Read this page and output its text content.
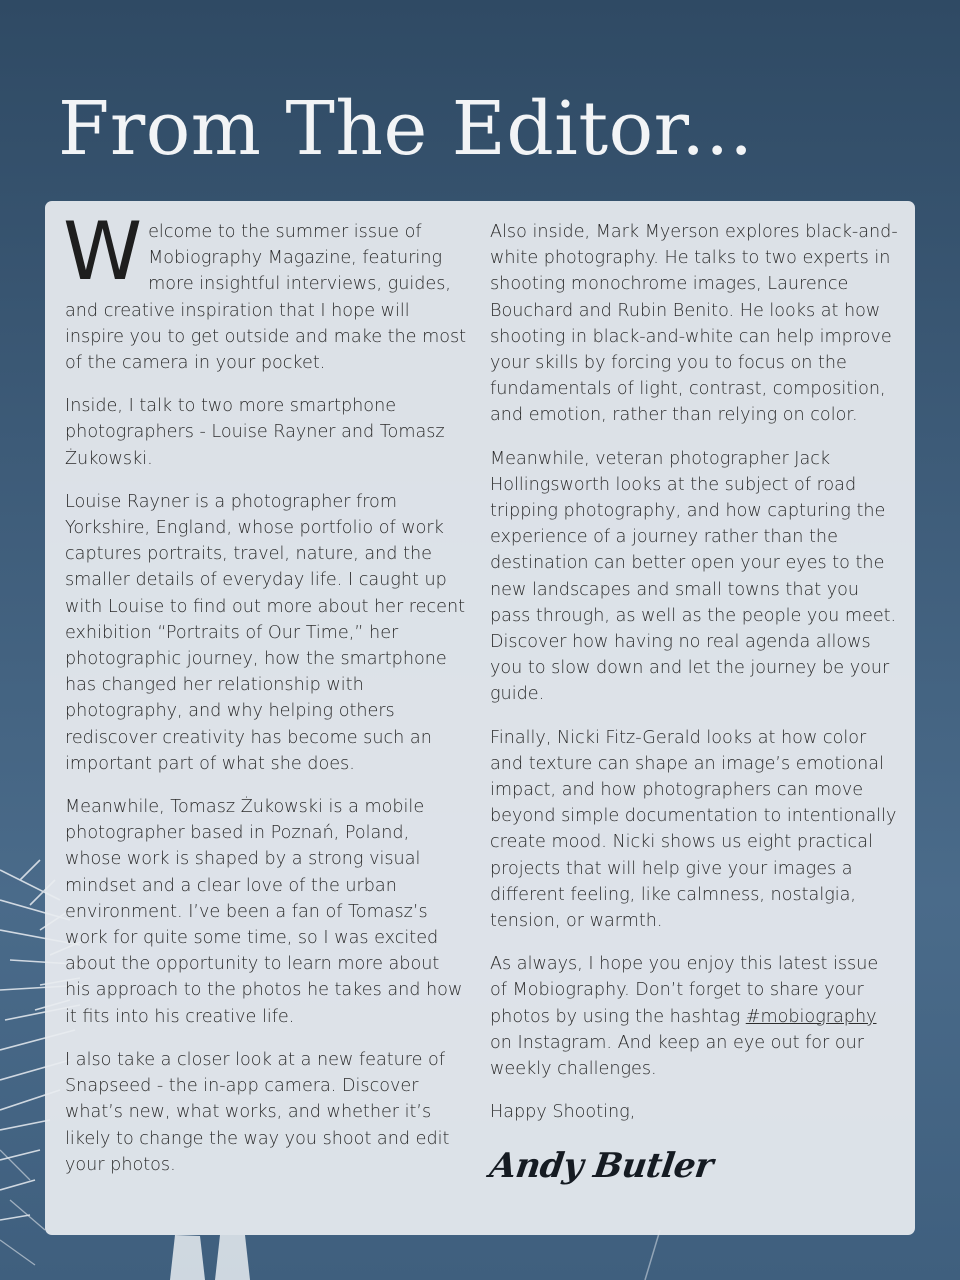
From The Editor...

Welcome to the summer issue of Mobiography Magazine, featuring more insightful interviews, guides, and creative inspiration that I hope will inspire you to get outside and make the most of the camera in your pocket.

Inside, I talk to two more smartphone photographers - Louise Rayner and Tomasz Żukowski.

Louise Rayner is a photographer from Yorkshire, England, whose portfolio of work captures portraits, travel, nature, and the smaller details of everyday life. I caught up with Louise to find out more about her recent exhibition “Portraits of Our Time,” her photographic journey, how the smartphone has changed her relationship with photography, and why helping others rediscover creativity has become such an important part of what she does.

Meanwhile, Tomasz Żukowski is a mobile photographer based in Poznań, Poland, whose work is shaped by a strong visual mindset and a clear love of the urban environment. I’ve been a fan of Tomasz’s work for quite some time, so I was excited about the opportunity to learn more about his approach to the photos he takes and how it fits into his creative life.

I also take a closer look at a new feature of Snapseed - the in-app camera. Discover what’s new, what works, and whether it’s likely to change the way you shoot and edit your photos.

Also inside, Mark Myerson explores black-and-white photography. He talks to two experts in shooting monochrome images, Laurence Bouchard and Rubin Benito. He looks at how shooting in black-and-white can help improve your skills by forcing you to focus on the fundamentals of light, contrast, composition, and emotion, rather than relying on color.

Meanwhile, veteran photographer Jack Hollingsworth looks at the subject of road tripping photography, and how capturing the experience of a journey rather than the destination can better open your eyes to the new landscapes and small towns that you pass through, as well as the people you meet. Discover how having no real agenda allows you to slow down and let the journey be your guide.

Finally, Nicki Fitz-Gerald looks at how color and texture can shape an image’s emotional impact, and how photographers can move beyond simple documentation to intentionally create mood. Nicki shows us eight practical projects that will help give your images a different feeling, like calmness, nostalgia, tension, or warmth.

As always, I hope you enjoy this latest issue of Mobiography. Don’t forget to share your photos by using the hashtag #mobiography on Instagram. And keep an eye out for our weekly challenges.

Happy Shooting,

Andy Butler
